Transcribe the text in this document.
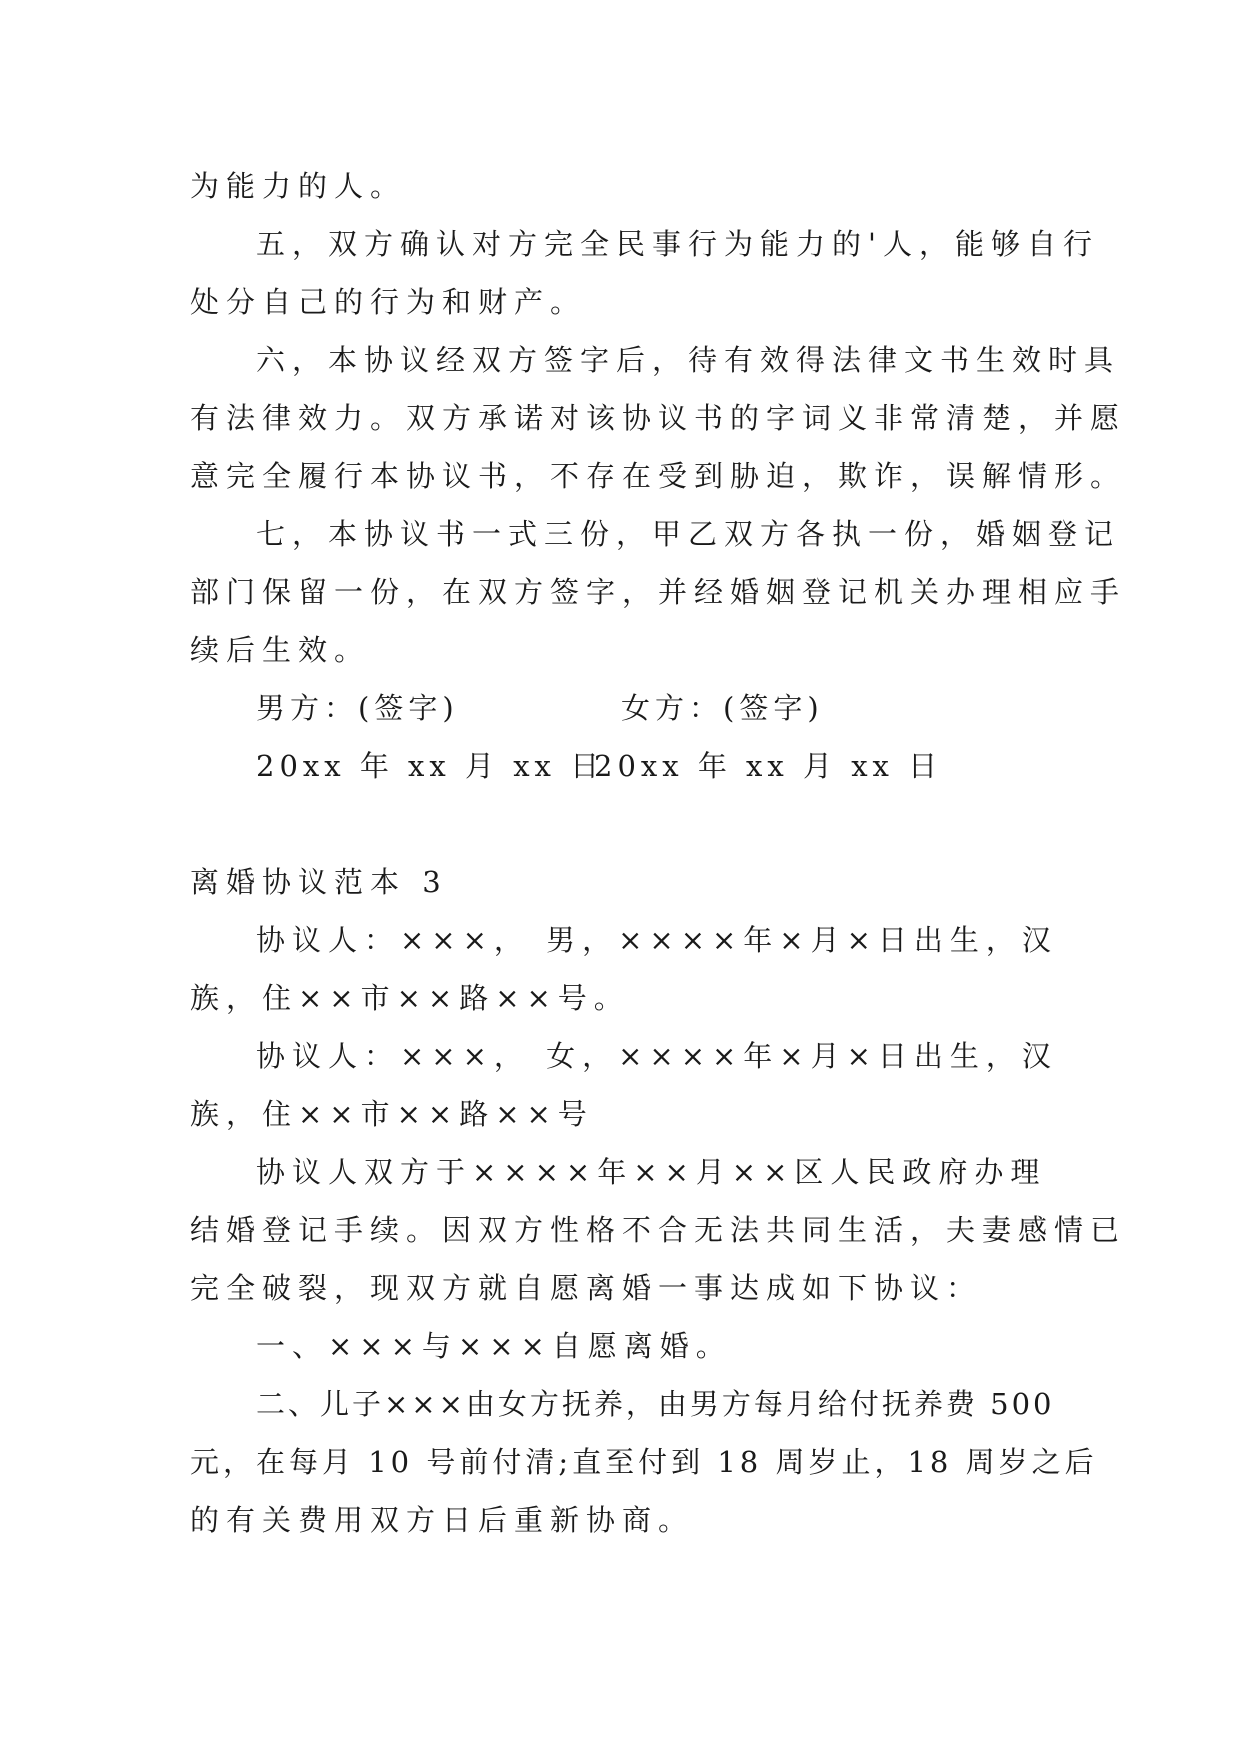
为能力的人。
五，双方确认对方完全民事行为能力的'人，能够自行
处分自己的行为和财产。
六，本协议经双方签字后，待有效得法律文书生效时具
有法律效力。双方承诺对该协议书的字词义非常清楚，并愿
意完全履行本协议书，不存在受到胁迫，欺诈，误解情形。
七，本协议书一式三份，甲乙双方各执一份，婚姻登记
部门保留一份，在双方签字，并经婚姻登记机关办理相应手
续后生效。
男方：(签字)	女方：(签字)
20xx 年 xx 月 xx 日
20xx 年 xx 月 xx 日
离婚协议范本 3
协议人：×××， 男，××××年×月×日出生，汉
族，住××市××路××号。
协议人：×××， 女，××××年×月×日出生，汉
族，住××市××路××号
协议人双方于××××年××月××区人民政府办理
结婚登记手续。因双方性格不合无法共同生活，夫妻感情已
完全破裂，现双方就自愿离婚一事达成如下协议：
一、×××与×××自愿离婚。
二、儿子×××由女方抚养，由男方每月给付抚养费 500
元，在每月 10 号前付清;直至付到 18 周岁止，18 周岁之后
的有关费用双方日后重新协商。
